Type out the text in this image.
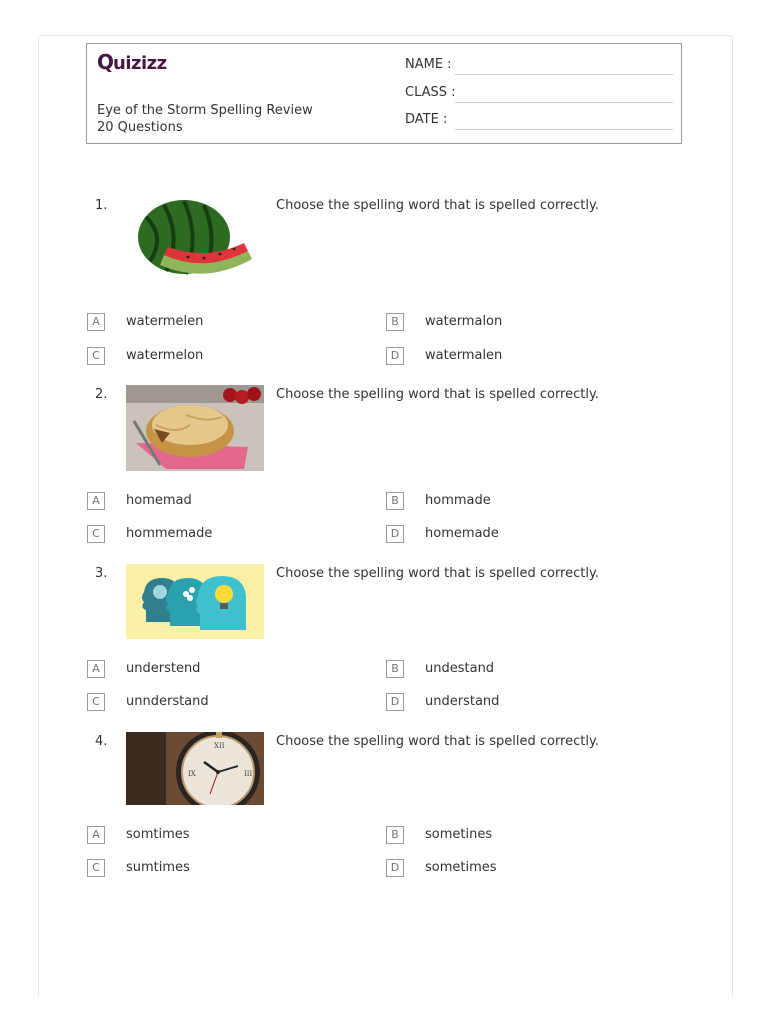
Q uizizz
Eye of the Storm Spelling Review
20 Questions
NAME :
CLASS :
DATE :
1.	Choose the spelling word that is spelled correctly.
A	watermelen	B	watermalon
C	watermelon	D	watermalen
2.	Choose the spelling word that is spelled correctly.
A	homemad	B	hommade
C	hommemade	D	homemade
3.	Choose the spelling word that is spelled correctly.
A	understend	B	undestand
C	unnderstand	D	understand
4.	XII
IX	III
Choose the spelling word that is spelled correctly.
A	somtimes	B	sometines
C	sumtimes	D	sometimes
